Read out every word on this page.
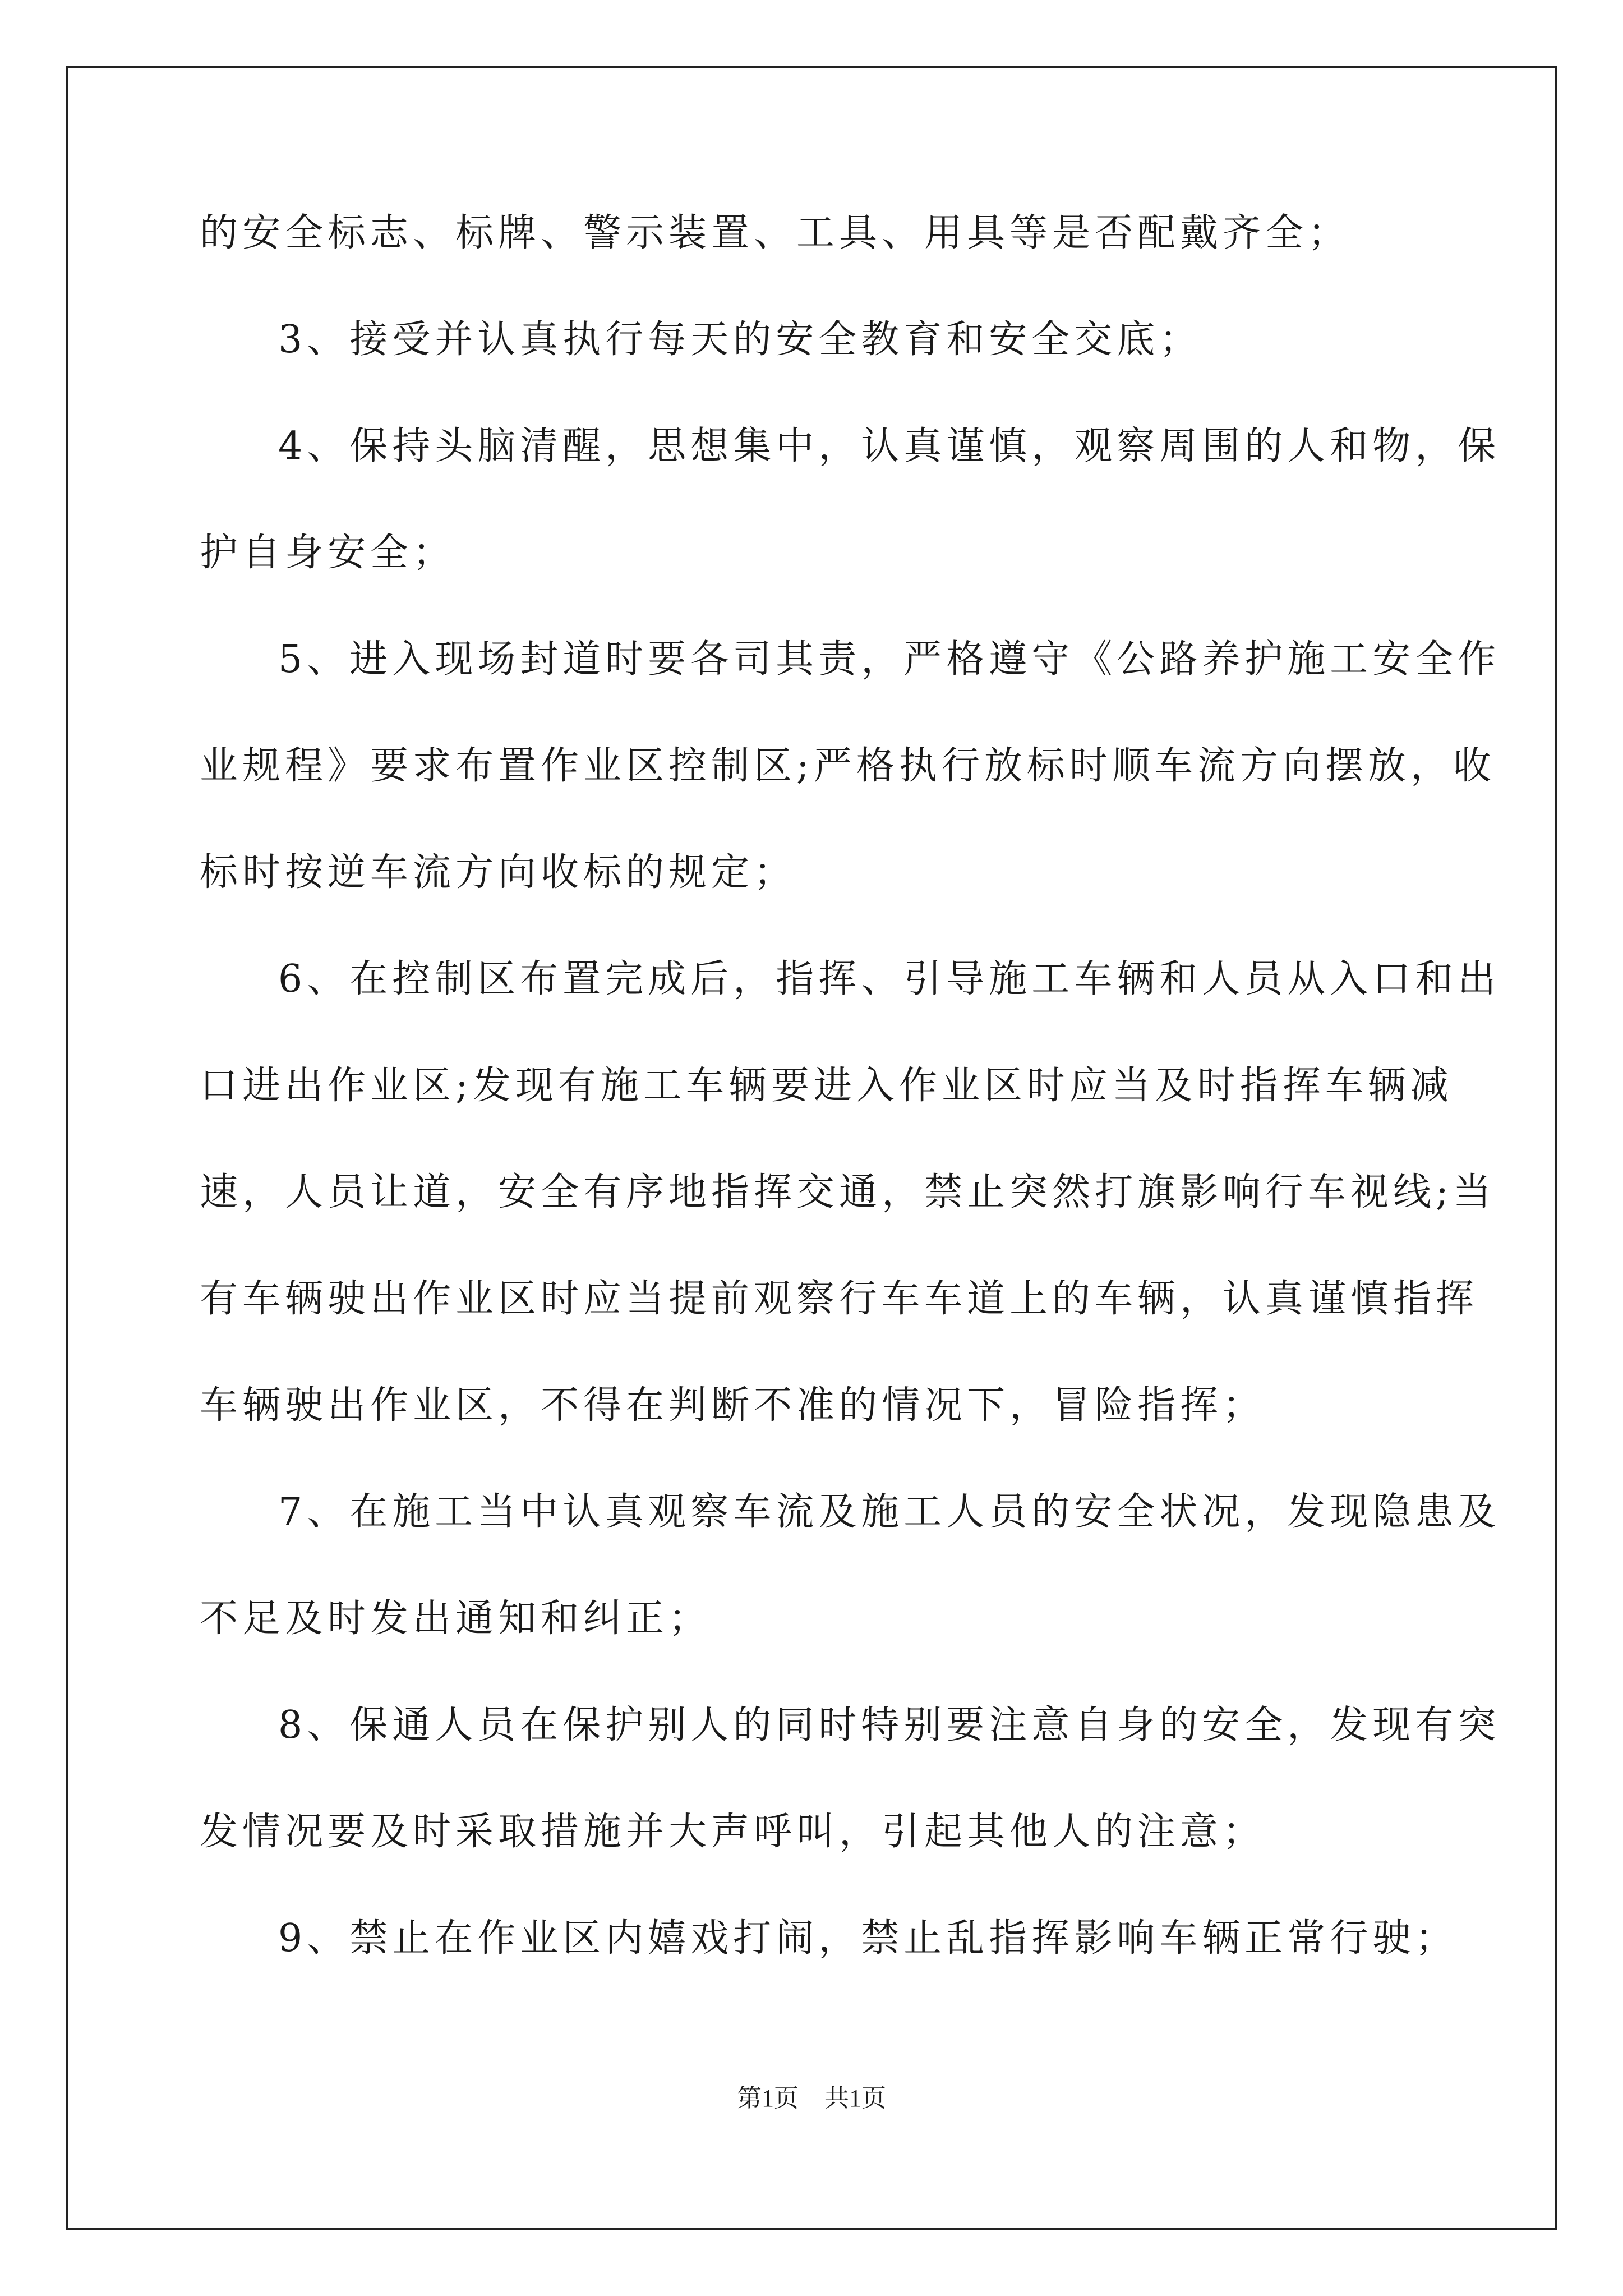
的安全标志、标牌、警示装置、工具、用具等是否配戴齐全；
3、接受并认真执行每天的安全教育和安全交底；
4、保持头脑清醒，思想集中，认真谨慎，观察周围的人和物，保
护自身安全；
5、进入现场封道时要各司其责，严格遵守《公路养护施工安全作
业规程》要求布置作业区控制区;严格执行放标时顺车流方向摆放，收
标时按逆车流方向收标的规定；
6、在控制区布置完成后，指挥、引导施工车辆和人员从入口和出
口进出作业区;发现有施工车辆要进入作业区时应当及时指挥车辆减
速，人员让道，安全有序地指挥交通，禁止突然打旗影响行车视线;当
有车辆驶出作业区时应当提前观察行车车道上的车辆，认真谨慎指挥
车辆驶出作业区，不得在判断不准的情况下，冒险指挥；
7、在施工当中认真观察车流及施工人员的安全状况，发现隐患及
不足及时发出通知和纠正；
8、保通人员在保护别人的同时特别要注意自身的安全，发现有突
发情况要及时采取措施并大声呼叫，引起其他人的注意；
9、禁止在作业区内嬉戏打闹，禁止乱指挥影响车辆正常行驶；
第1页 共1页
